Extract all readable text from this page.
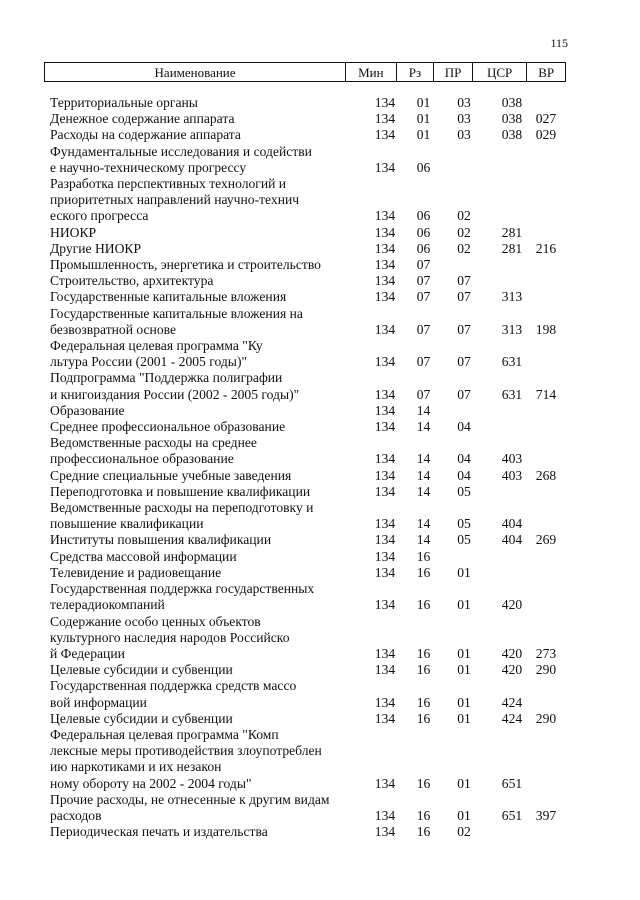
115
Наименование	Мин	Рз	ПР	ЦСР	ВР
Территориальные органы	134	01	03	038
Денежное содержание аппарата	134	01	03	038	027
Расходы на содержание аппарата	134	01	03	038	029
Фундаментальные исследования и содействи
е научно-техническому прогрессу	134	06
Разработка перспективных технологий и
приоритетных направлений научно-технич
еского прогресса	134	06	02
НИОКР	134	06	02	281
Другие НИОКР	134	06	02	281	216
Промышленность, энергетика и строительство	134	07
Строительство, архитектура	134	07	07
Государственные капитальные вложения	134	07	07	313
Государственные капитальные вложения на
безвозвратной основе	134	07	07	313	198
Федеральная целевая программа "Ку
льтура России (2001 - 2005 годы)"	134	07	07	631
Подпрограмма "Поддержка полиграфии
и книгоиздания России (2002 - 2005 годы)"	134	07	07	631	714
Образование	134	14
Среднее профессиональное образование	134	14	04
Ведомственные расходы на среднее
профессиональное образование	134	14	04	403
Средние специальные учебные заведения	134	14	04	403	268
Переподготовка и повышение квалификации	134	14	05
Ведомственные расходы на переподготовку и
повышение квалификации	134	14	05	404
Институты повышения квалификации	134	14	05	404	269
Средства массовой информации	134	16
Телевидение и радиовещание	134	16	01
Государственная поддержка государственных
телерадиокомпаний	134	16	01	420
Содержание особо ценных объектов
культурного наследия народов Российско
й Федерации	134	16	01	420	273
Целевые субсидии и субвенции	134	16	01	420	290
Государственная поддержка средств массо
вой информации	134	16	01	424
Целевые субсидии и субвенции	134	16	01	424	290
Федеральная целевая программа "Комп
лексные меры противодействия злоупотреблен
ию наркотиками и их незакон
ному обороту на 2002 - 2004 годы"	134	16	01	651
Прочие расходы, не отнесенные к другим видам расходов	134	16	01	651	397
Периодическая печать и издательства	134	16	02
